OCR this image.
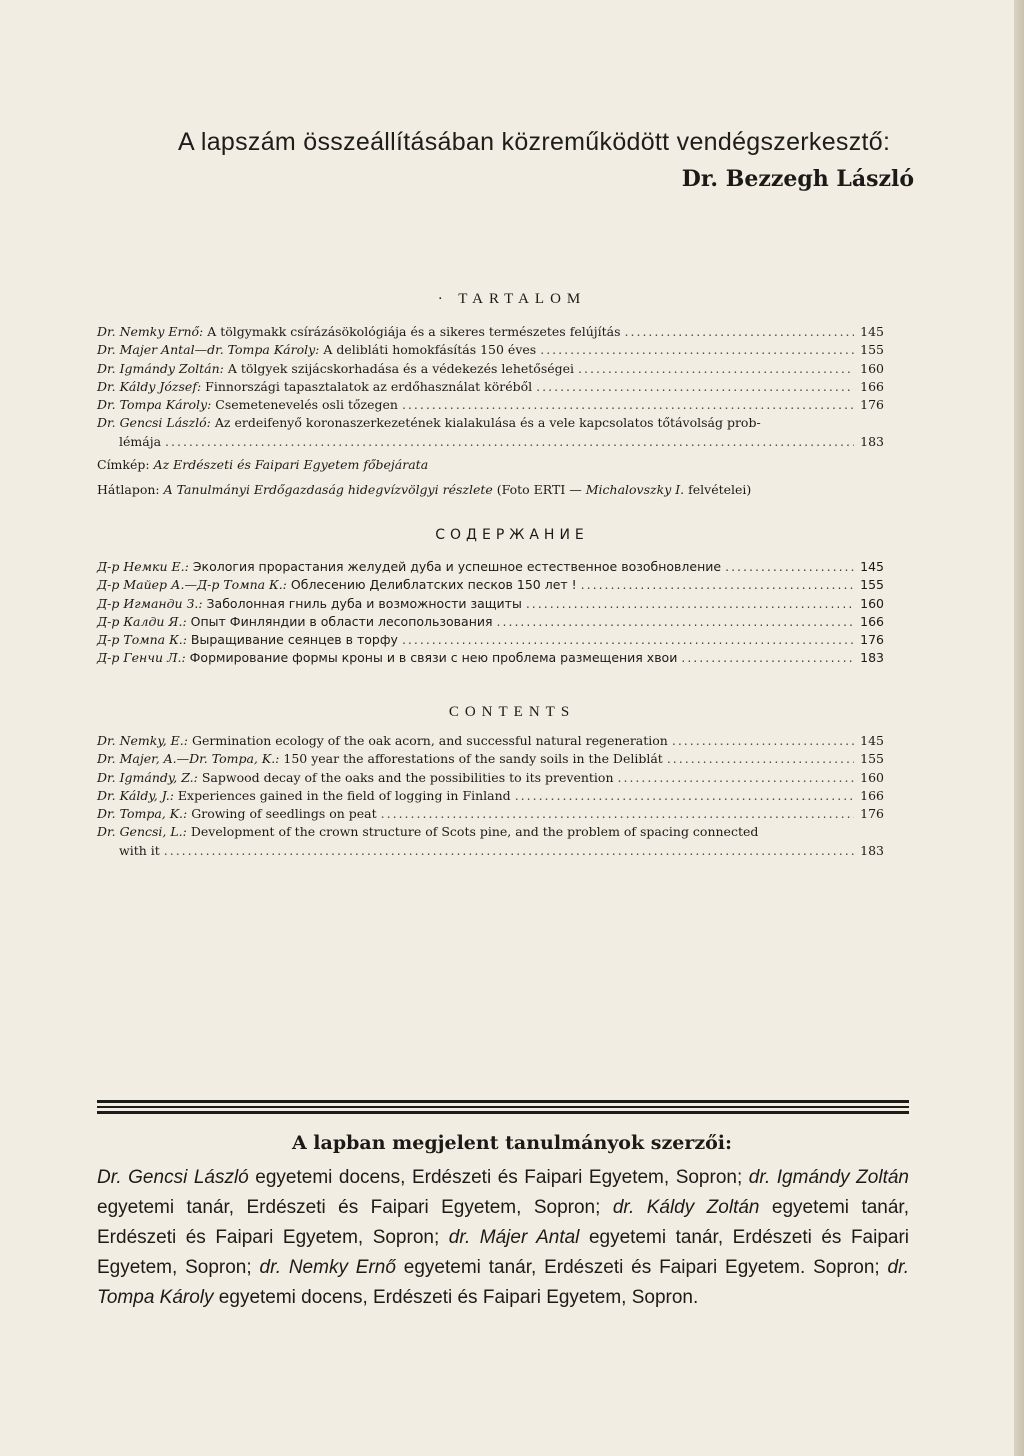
A lapszám összeállításában közreműködött vendégszerkesztő:
Dr. Bezzegh László
· TARTALOM
Dr. Nemky Ernő:
A tölgymakk csírázásökológiája és a sikeres természetes felújítás .....	145
Dr. Majer Antal—dr. Tompa Károly:
A delibláti homokfásítás 150 éves .....	155
Dr. Igmándy Zoltán:
A tölgyek szijácskorhadása és a védekezés lehetőségei .....	160
Dr. Káldy József:
Finnországi tapasztalatok az erdőhasználat köréből .....	166
Dr. Tompa Károly:
Csemetenevelés osli tőzegen .....	176
Dr. Gencsi László: Az erdeifenyő koronaszerkezetének kialakulása és a vele kapcsolatos tőtávolság prob-
lémája .....	183
Címkép: Az Erdészeti és Faipari Egyetem főbejárata
Hátlapon: A Tanulmányi Erdőgazdaság hidegvízvölgyi részlete (Foto ERTI — Michalovszky I. felvételei)
СОДЕРЖАНИЕ
Д-р Немки Е.:
Экология прорастания желудей дуба и успешное естественное возобновление .....	145
Д-р Майер А.—Д-р Томпа К.:
Облесению Делиблатских песков 150 лет ! .....	155
Д-р Игманди З.:
Заболонная гниль дуба и возможности защиты .....	160
Д-р Калди Я.:
Опыт Финляндии в области лесопользования .....	166
Д-р Томпа К.:
Выращивание сеянцев в торфу .....	176
Д-р Генчи Л.:
Формирование формы кроны и в связи с нею проблема размещения хвои .....	183
CONTENTS
Dr. Nemky, E.:
Germination ecology of the oak acorn, and successful natural regeneration .....	145
Dr. Majer, A.—Dr. Tompa, K.:
150 year the afforestations of the sandy soils in the Deliblát .....	155
Dr. Igmándy, Z.:
Sapwood decay of the oaks and the possibilities to its prevention .....	160
Dr. Káldy, J.:
Experiences gained in the field of logging in Finland .....	166
Dr. Tompa, K.:
Growing of seedlings on peat .....	176
Dr. Gencsi, L.: Development of the crown structure of Scots pine, and the problem of spacing connected
with it .....	183
A lapban megjelent tanulmányok szerzői:
Dr. Gencsi László egyetemi docens, Erdészeti és Faipari Egyetem, Sopron; dr. Igmándy Zoltán egyetemi tanár, Erdészeti és Faipari Egyetem, Sopron; dr. Káldy Zoltán egyetemi tanár, Erdészeti és Faipari Egyetem, Sopron; dr. Májer Antal egyetemi tanár, Erdészeti és Faipari Egyetem, Sopron; dr. Nemky Ernő egyetemi tanár, Erdészeti és Faipari Egyetem. Sopron; dr. Tompa Károly egyetemi docens, Erdészeti és Faipari Egyetem, Sopron.
